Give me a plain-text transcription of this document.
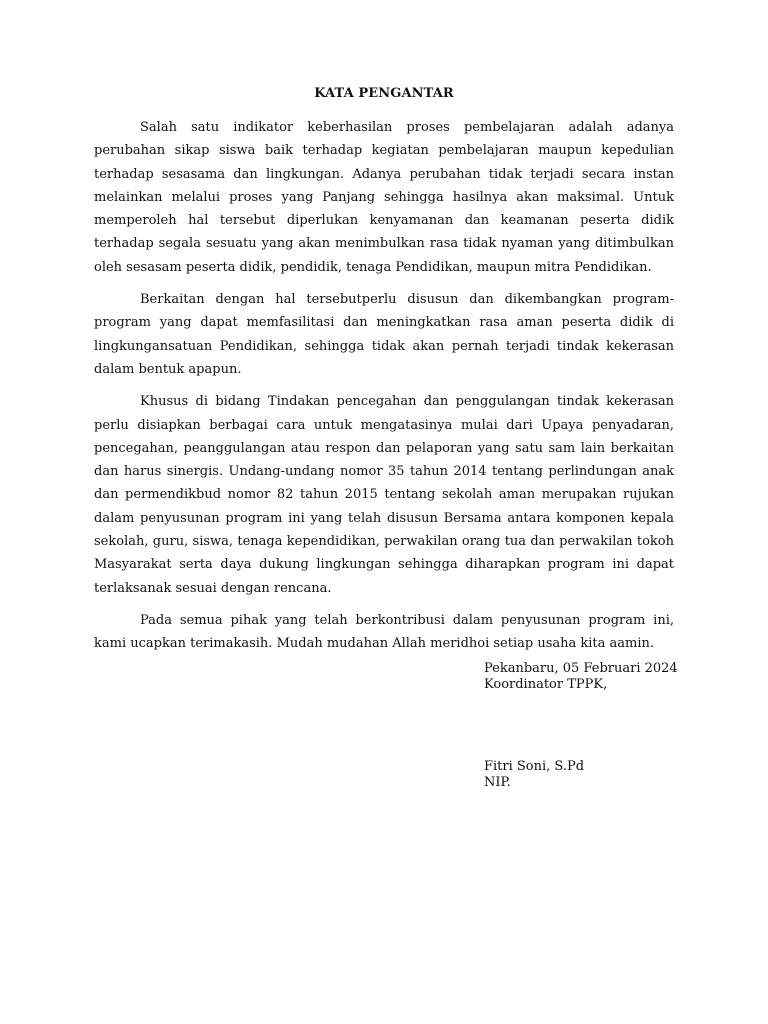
KATA PENGANTAR

Salah satu indikator keberhasilan proses pembelajaran adalah adanya perubahan sikap siswa baik terhadap kegiatan pembelajaran maupun kepedulian terhadap sesasama dan lingkungan. Adanya perubahan tidak terjadi secara instan melainkan melalui proses yang Panjang sehingga hasilnya akan maksimal. Untuk memperoleh hal tersebut diperlukan kenyamanan dan keamanan peserta didik terhadap segala sesuatu yang akan menimbulkan rasa tidak nyaman yang ditimbulkan oleh sesasam peserta didik, pendidik, tenaga Pendidikan, maupun mitra Pendidikan.

Berkaitan dengan hal tersebutperlu disusun dan dikembangkan program-program yang dapat memfasilitasi dan meningkatkan rasa aman peserta didik di lingkungansatuan Pendidikan, sehingga tidak akan pernah terjadi tindak kekerasan dalam bentuk apapun.

Khusus di bidang Tindakan pencegahan dan penggulangan tindak kekerasan perlu disiapkan berbagai cara untuk mengatasinya mulai dari Upaya penyadaran, pencegahan, peanggulangan atau respon dan pelaporan yang satu sam lain berkaitan dan harus sinergis. Undang-undang nomor 35 tahun 2014 tentang perlindungan anak dan permendikbud nomor 82 tahun 2015 tentang sekolah aman merupakan rujukan dalam penyusunan program ini yang telah disusun Bersama antara komponen kepala sekolah, guru, siswa, tenaga kependidikan, perwakilan orang tua dan perwakilan tokoh Masyarakat serta daya dukung lingkungan sehingga diharapkan program ini dapat terlaksanak sesuai dengan rencana.

Pada semua pihak yang telah berkontribusi dalam penyusunan program ini, kami ucapkan terimakasih. Mudah mudahan Allah meridhoi setiap usaha kita aamin.

Pekanbaru, 05 Februari 2024
Koordinator TPPK,
Fitri Soni, S.Pd
NIP.
